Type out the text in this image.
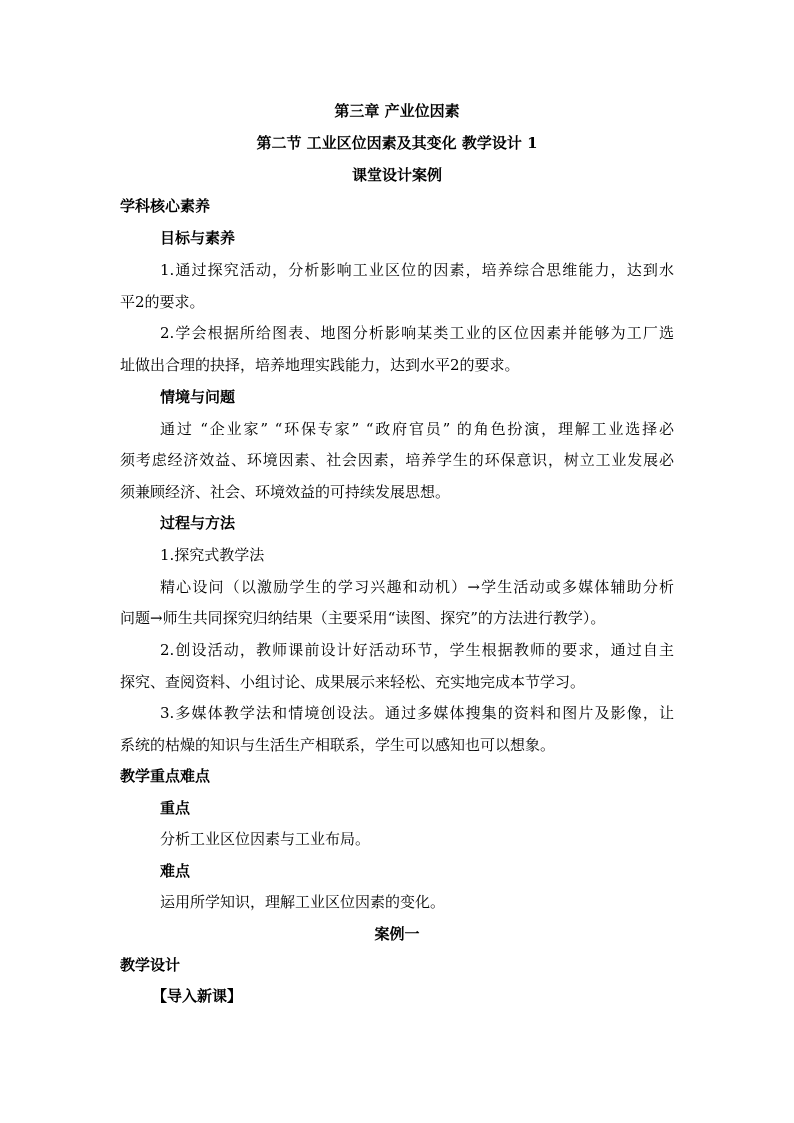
第三章 产业位因素
第二节 工业区位因素及其变化 教学设计 1
课堂设计案例
学科核心素养
目标与素养
1.通过探究活动，分析影响工业区位的因素，培养综合思维能力，达到水
平2的要求。
2.学会根据所给图表、地图分析影响某类工业的区位因素并能够为工厂选
址做出合理的抉择，培养地理实践能力，达到水平2的要求。
情境与问题
通过 “企业家” “环保专家” “政府官员” 的角色扮演，理解工业选择必
须考虑经济效益、环境因素、社会因素，培养学生的环保意识，树立工业发展必
须兼顾经济、社会、环境效益的可持续发展思想。
过程与方法
1.探究式教学法
精心设问（以激励学生的学习兴趣和动机）→学生活动或多媒体辅助分析
问题→师生共同探究归纳结果（主要采用“读图、探究”的方法进行教学）。
2.创设活动，教师课前设计好活动环节，学生根据教师的要求，通过自主
探究、查阅资料、小组讨论、成果展示来轻松、充实地完成本节学习。
3.多媒体教学法和情境创设法。通过多媒体搜集的资料和图片及影像，让
系统的枯燥的知识与生活生产相联系，学生可以感知也可以想象。
教学重点难点
重点
分析工业区位因素与工业布局。
难点
运用所学知识，理解工业区位因素的变化。
案例一
教学设计
【导入新课】
